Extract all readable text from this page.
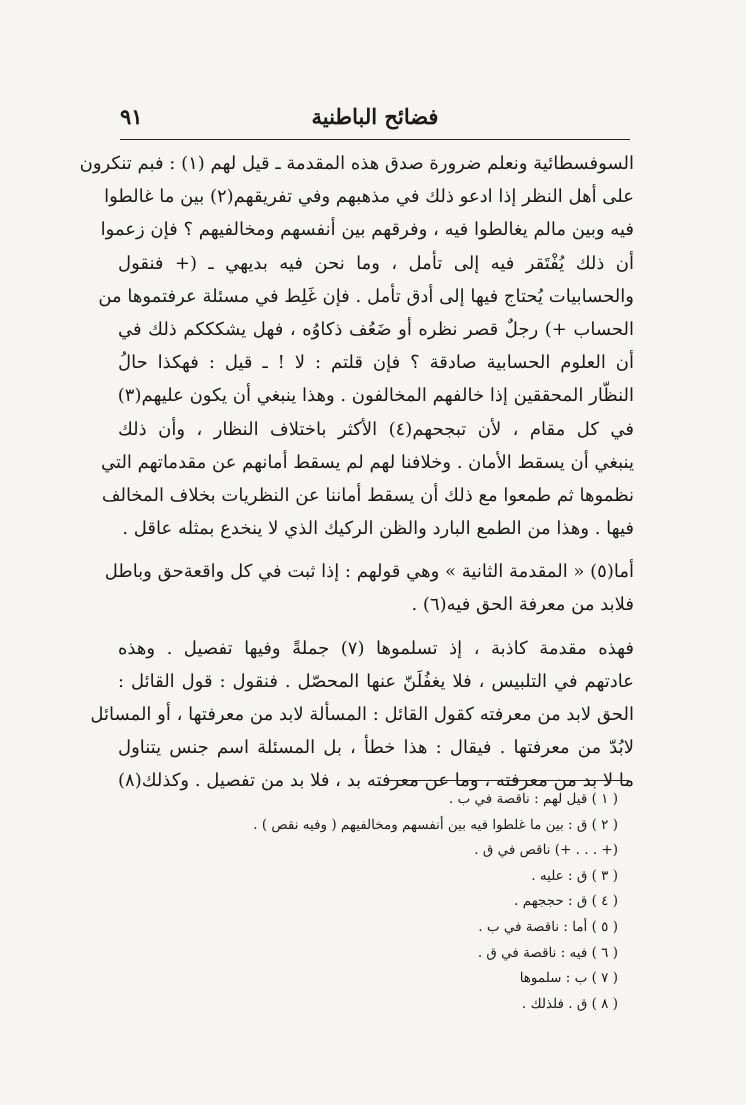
فضائح الباطنية
٩١
السوفسطائية ونعلم ضرورة صدق هذه المقدمة ـ قيل لهم (١) : فبم تنكرون
على أهل النظر إذا ادعو ذلك في مذهبهم وفي تفريقهم(٢) بين ما غالطوا
فيه وبين مالم يغالطوا فيه ، وفرقهم بين أنفسهم ومخالفيهم ؟ فإن زعموا
أن ذلك يُفْتَقر فيه إلى تأمل ، وما نحن فيه بديهي ـ (+ فنقول
والحسابيات يُحتاج فيها إلى أدق تأمل . فإن غَلِط في مسئلة عرفتموها من
الحساب +) رجلٌ قصر نظره أو ضَعُف ذكاوُه ، فهل يشكككم ذلك في
أن العلوم الحسابية صادقة ؟ فإن قلتم : لا ! ـ قيل : فهكذا حالُ
النظّار المحققين إذا خالفهم المخالفون . وهذا ينبغي أن يكون عليهم(٣)
في كل مقام ، لأن تبجحهم(٤) الأكثر باختلاف النظار ، وأن ذلك
ينبغي أن يسقط الأمان . وخلافنا لهم لم يسقط أمانهم عن مقدماتهم التي
نظموها ثم طمعوا مع ذلك أن يسقط أماننا عن النظريات بخلاف المخالف
فيها . وهذا من الطمع البارد والظن الركيك الذي لا ينخدع بمثله عاقل .
أما(٥) « المقدمة الثانية » وهي قولهم : إذا ثبت في كل واقعةحق وباطل
فلابد من معرفة الحق فيه(٦) .
فهذه مقدمة كاذبة ، إذ تسلموها (٧) جملةً وفيها تفصيل . وهذه
عادتهم في التلبيس ، فلا يغفُلَنّ عنها المحصّل . فنقول : قول القائل :
الحق لابد من معرفته كقول القائل : المسألة لابد من معرفتها ، أو المسائل
لابُدّ من معرفتها . فيقال : هذا خطأ ، بل المسئلة اسم جنس يتناول
ما لا بد من معرفته ، وما عن معرفته بد ، فلا بد من تفصيل . وكذلك(٨)
( ١ ) قيل لهم : ناقصة في ب .
( ٢ ) ق : بين ما غلطوا فيه بين أنفسهم ومخالفيهم ( وفيه نقص ) .
(+ . . . +) ناقص في ق .
( ٣ ) ق : عليه .
( ٤ ) ق : حججهم .
( ٥ ) أما : ناقصة في ب .
( ٦ ) فيه : ناقصة في ق .
( ٧ ) ب : سلموها
( ٨ ) ق . فلذلك .
